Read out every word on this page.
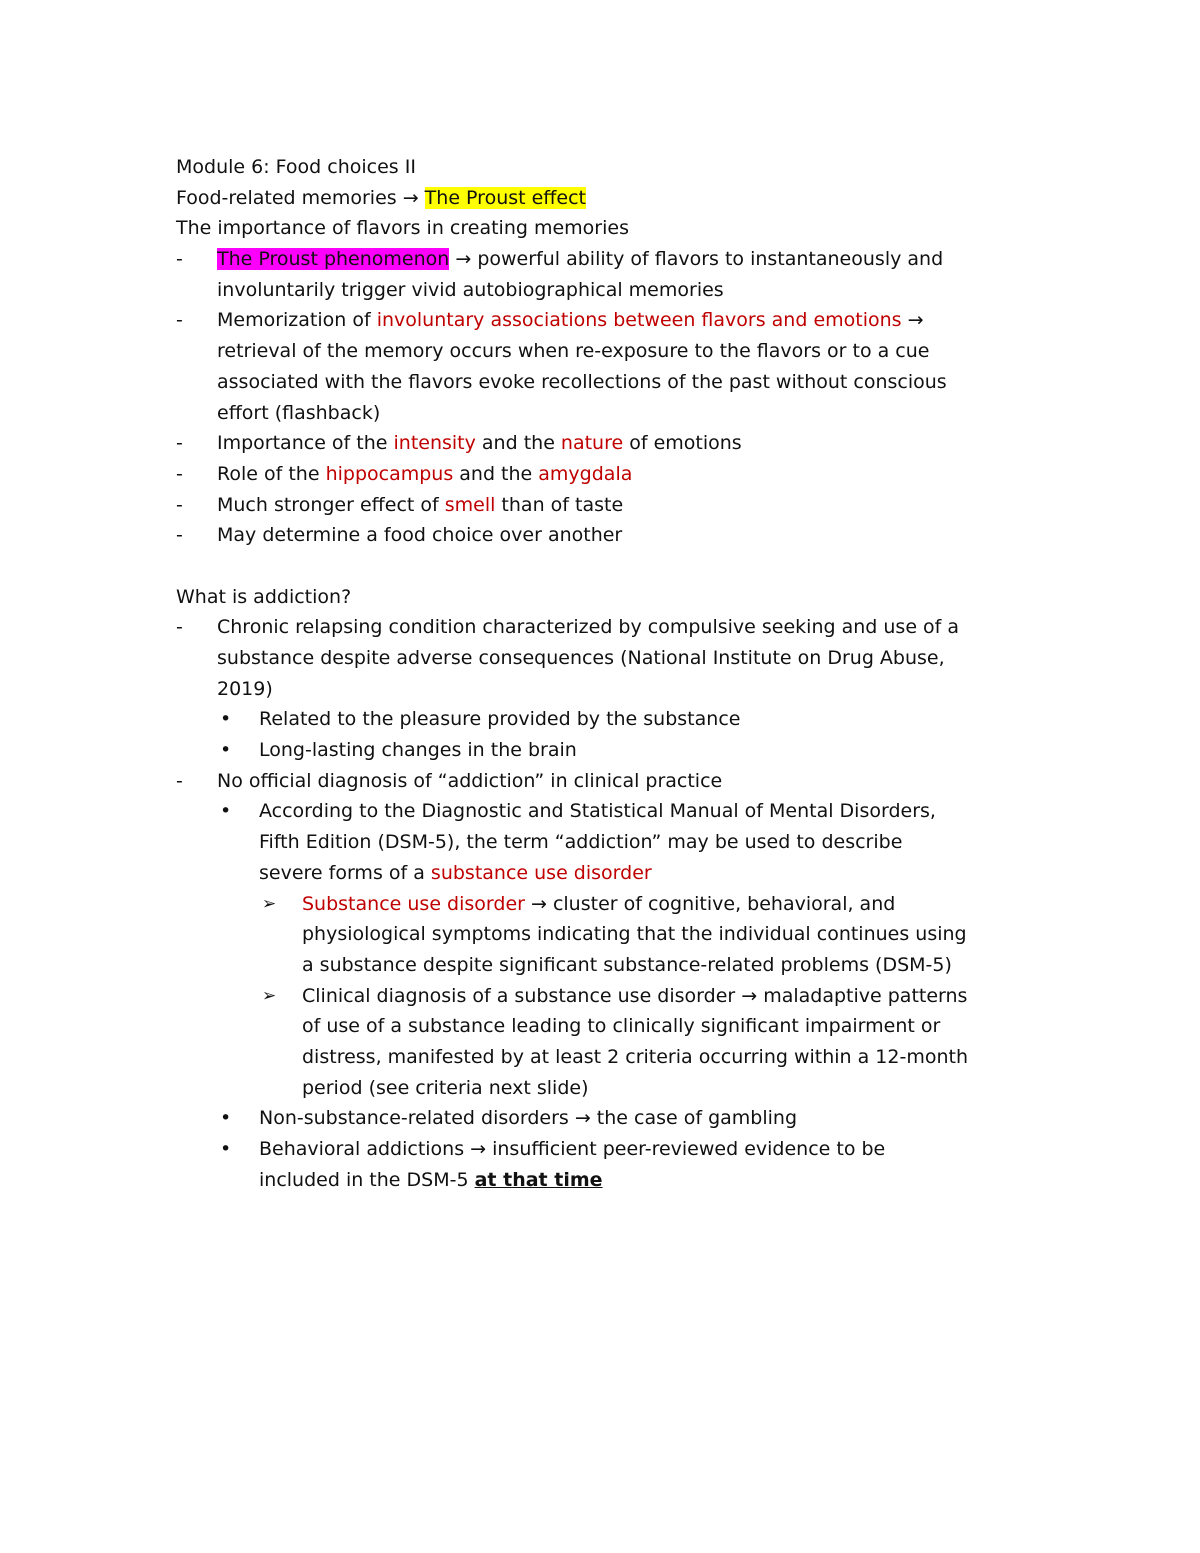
Module 6: Food choices II
Food-related memories → The Proust effect
The importance of flavors in creating memories
- The Proust phenomenon → powerful ability of flavors to instantaneously and
involuntarily trigger vivid autobiographical memories
- Memorization of involuntary associations between flavors and emotions →
retrieval of the memory occurs when re-exposure to the flavors or to a cue
associated with the flavors evoke recollections of the past without conscious
effort (flashback)
- Importance of the intensity and the nature of emotions
- Role of the hippocampus and the amygdala
- Much stronger effect of smell than of taste
- May determine a food choice over another
What is addiction?
- Chronic relapsing condition characterized by compulsive seeking and use of a
substance despite adverse consequences (National Institute on Drug Abuse,
2019)
• Related to the pleasure provided by the substance
• Long-lasting changes in the brain
- No official diagnosis of “addiction” in clinical practice
• According to the Diagnostic and Statistical Manual of Mental Disorders,
Fifth Edition (DSM-5), the term “addiction” may be used to describe
severe forms of a substance use disorder
➢ Substance use disorder → cluster of cognitive, behavioral, and
physiological symptoms indicating that the individual continues using
a substance despite significant substance-related problems (DSM-5)
➢ Clinical diagnosis of a substance use disorder → maladaptive patterns
of use of a substance leading to clinically significant impairment or
distress, manifested by at least 2 criteria occurring within a 12-month
period (see criteria next slide)
• Non-substance-related disorders → the case of gambling
• Behavioral addictions → insufficient peer-reviewed evidence to be
included in the DSM-5 at that time
